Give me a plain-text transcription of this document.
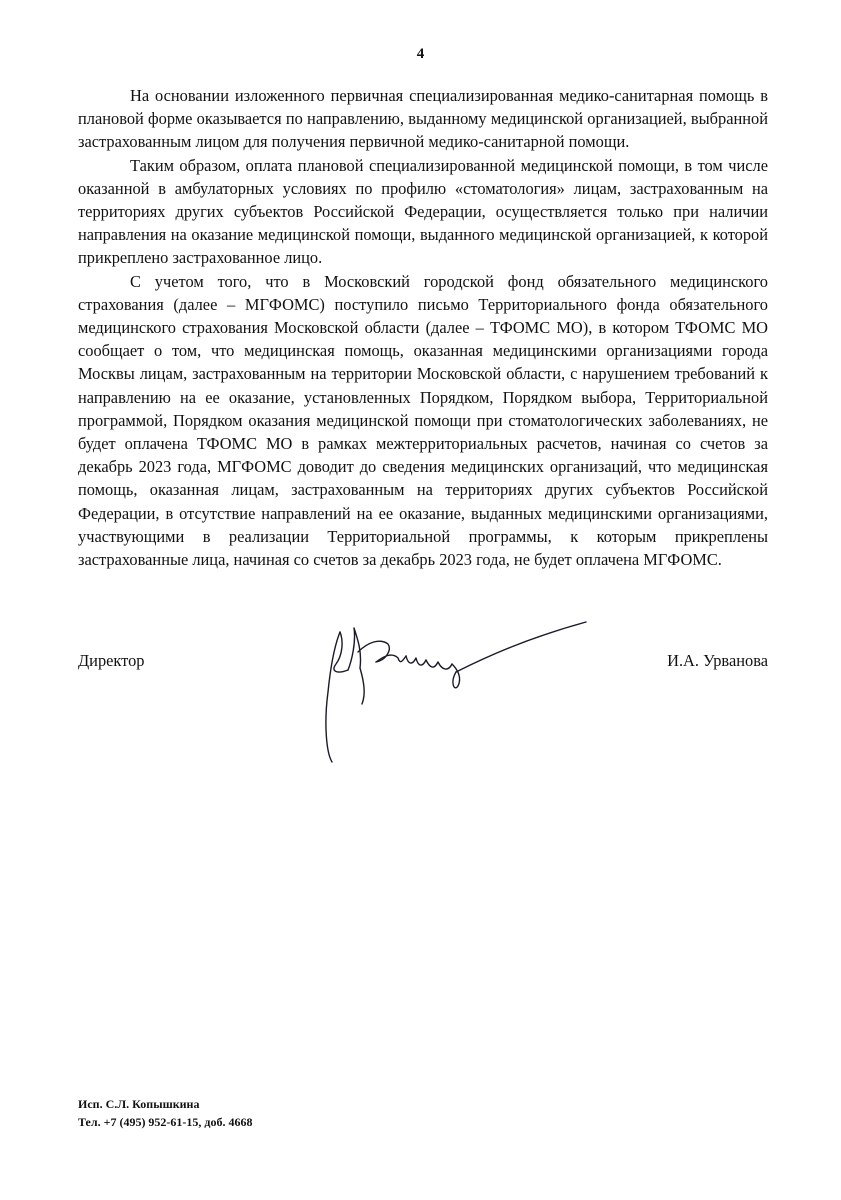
4

На основании изложенного первичная специализированная медико-санитарная помощь в плановой форме оказывается по направлению, выданному медицинской организацией, выбранной застрахованным лицом для получения первичной медико-санитарной помощи.

Таким образом, оплата плановой специализированной медицинской помощи, в том числе оказанной в амбулаторных условиях по профилю «стоматология» лицам, застрахованным на территориях других субъектов Российской Федерации, осуществляется только при наличии направления на оказание медицинской помощи, выданного медицинской организацией, к которой прикреплено застрахованное лицо.

С учетом того, что в Московский городской фонд обязательного медицинского страхования (далее – МГФОМС) поступило письмо Территориального фонда обязательного медицинского страхования Московской области (далее – ТФОМС МО), в котором ТФОМС МО сообщает о том, что медицинская помощь, оказанная медицинскими организациями города Москвы лицам, застрахованным на территории Московской области, с нарушением требований к направлению на ее оказание, установленных Порядком, Порядком выбора, Территориальной программой, Порядком оказания медицинской помощи при стоматологических заболеваниях, не будет оплачена ТФОМС МО в рамках межтерриториальных расчетов, начиная со счетов за декабрь 2023 года, МГФОМС доводит до сведения медицинских организаций, что медицинская помощь, оказанная лицам, застрахованным на территориях других субъектов Российской Федерации, в отсутствие направлений на ее оказание, выданных медицинскими организациями, участвующими в реализации Территориальной программы, к которым прикреплены застрахованные лица, начиная со счетов за декабрь 2023 года, не будет оплачена МГФОМС.

Директор	И.А. Урванова
Исп. С.Л. Копышкина
Тел. +7 (495) 952-61-15, доб. 4668
